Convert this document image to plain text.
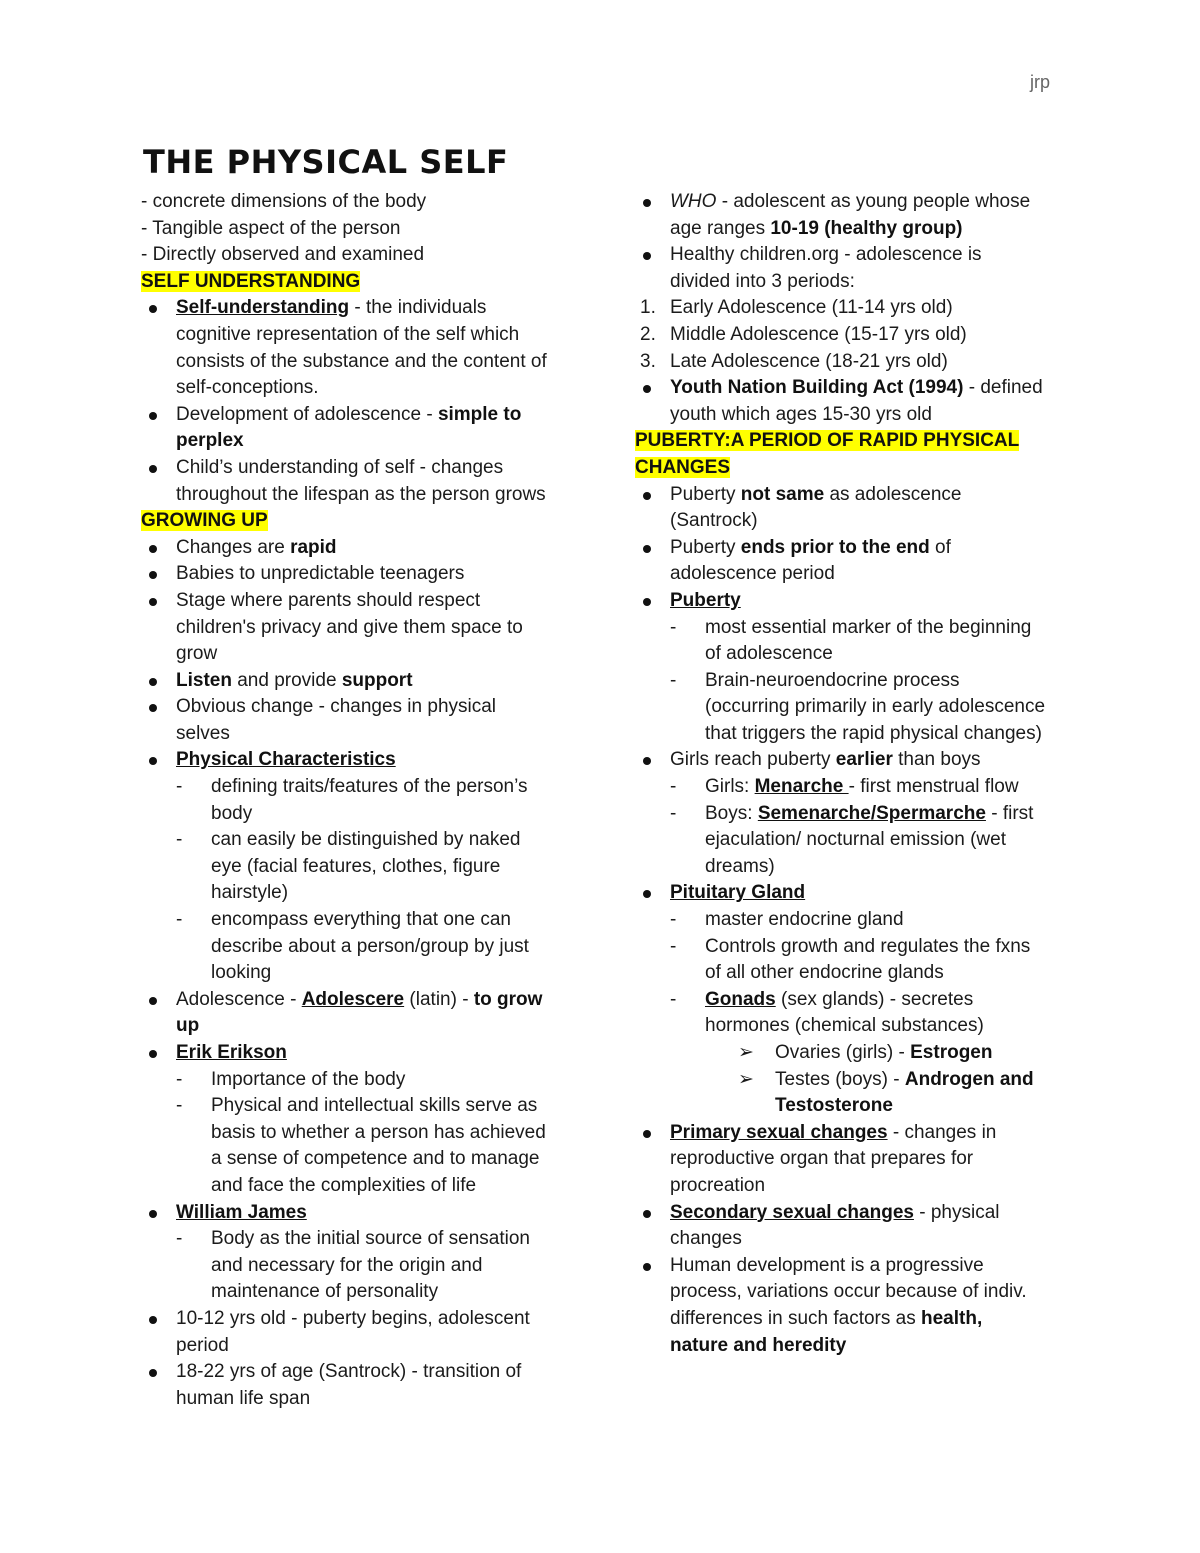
jrp
THE PHYSICAL SELF
- concrete dimensions of the body
- Tangible aspect of the person
- Directly observed and examined
SELF UNDERSTANDING
Self-understanding - the individuals
cognitive representation of the self which
consists of the substance and the content of
self-conceptions.
Development of adolescence - simple to
perplex
Child’s understanding of self - changes
throughout the lifespan as the person grows
GROWING UP
Changes are rapid
Babies to unpredictable teenagers
Stage where parents should respect
children's privacy and give them space to
grow
Listen and provide support
Obvious change - changes in physical
selves
Physical Characteristics
-	defining traits/features of the person’s
body
-	can easily be distinguished by naked
eye (facial features, clothes, figure
hairstyle)
-	encompass everything that one can
describe about a person/group by just
looking
Adolescence - Adolescere (latin) - to grow
up
Erik Erikson
-	Importance of the body
-	Physical and intellectual skills serve as
basis to whether a person has achieved
a sense of competence and to manage
and face the complexities of life
William James
-	Body as the initial source of sensation
and necessary for the origin and
maintenance of personality
10-12 yrs old - puberty begins, adolescent
period
18-22 yrs of age (Santrock) - transition of
human life span
WHO - adolescent as young people whose
age ranges 10-19 (healthy group)
Healthy children.org - adolescence is
divided into 3 periods:
1. Early Adolescence (11-14 yrs old)
2. Middle Adolescence (15-17 yrs old)
3. Late Adolescence (18-21 yrs old)
Youth Nation Building Act (1994) - defined
youth which ages 15-30 yrs old
PUBERTY:A PERIOD OF RAPID PHYSICAL
CHANGES
Puberty not same as adolescence
(Santrock)
Puberty ends prior to the end of
adolescence period
Puberty
-	most essential marker of the beginning
of adolescence
-	Brain-neuroendocrine process
(occurring primarily in early adolescence
that triggers the rapid physical changes)
Girls reach puberty earlier than boys
-	Girls: Menarche - first menstrual flow
-	Boys: Semenarche/Spermarche - first
ejaculation/ nocturnal emission (wet
dreams)
Pituitary Gland
-	master endocrine gland
-	Controls growth and regulates the fxns
of all other endocrine glands
-	Gonads (sex glands) - secretes
hormones (chemical substances)
➢ Ovaries (girls) - Estrogen
➢ Testes (boys) - Androgen and
Testosterone
Primary sexual changes - changes in
reproductive organ that prepares for
procreation
Secondary sexual changes - physical
changes
Human development is a progressive
process, variations occur because of indiv.
differences in such factors as health,
nature and heredity
